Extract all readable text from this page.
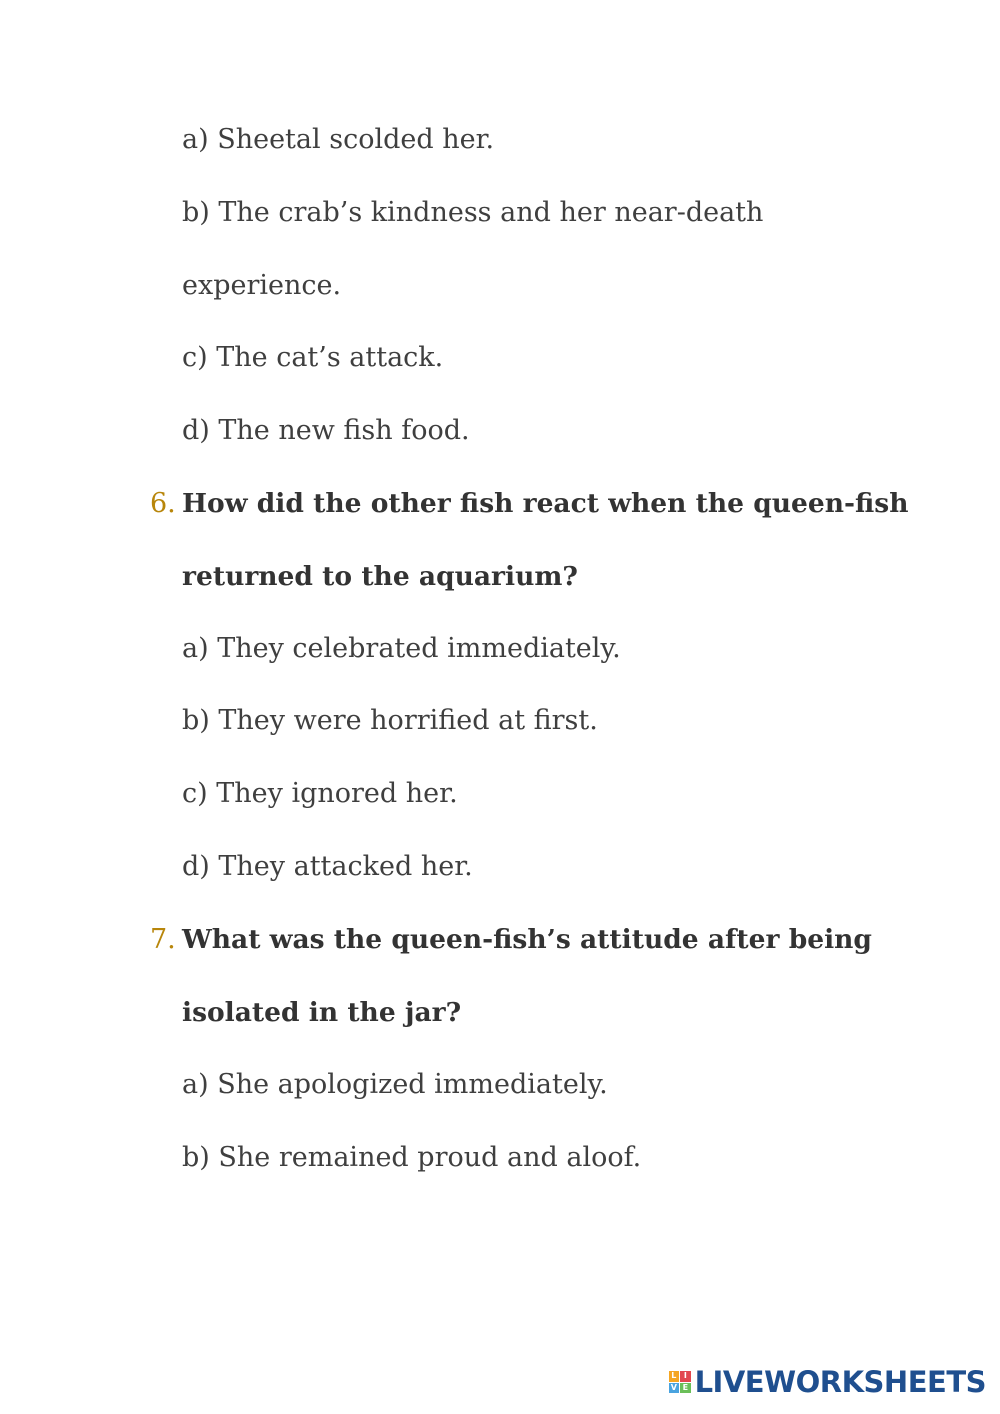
a) Sheetal scolded her.
b) The crab’s kindness and her near-death
experience.
c) The cat’s attack.
d) The new fish food.
6. How did the other fish react when the queen-fish
returned to the aquarium?
a) They celebrated immediately.
b) They were horrified at first.
c) They ignored her.
d) They attacked her.
7. What was the queen-fish’s attitude after being
isolated in the jar?
a) She apologized immediately.
b) She remained proud and aloof.
L I
V E LIVEWORKSHEETS
